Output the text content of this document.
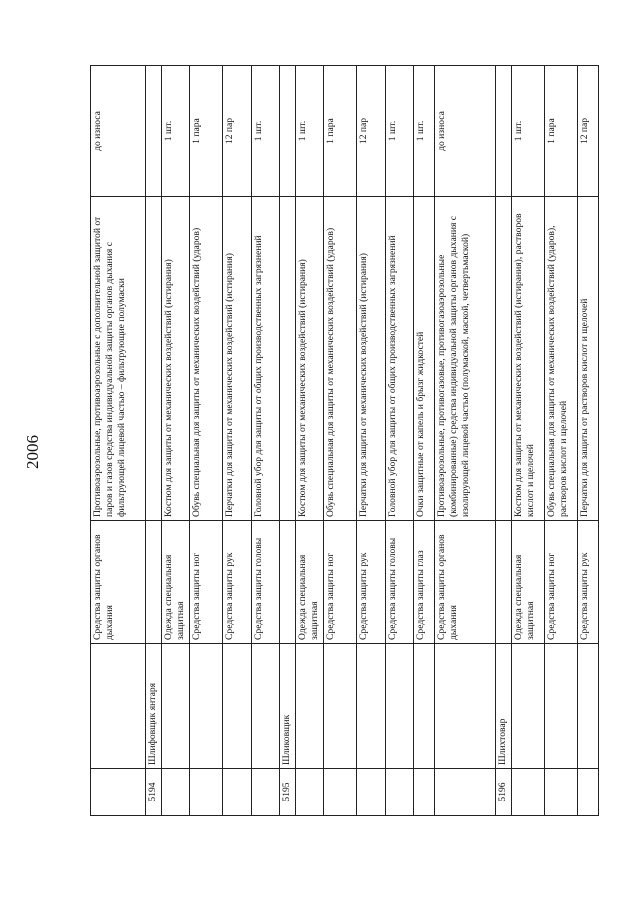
2006
		Средства защиты органов дыхания	Противоаэрозольные, противоаэрозольные с дополнительной защитой от паров и газов средства индивидуальной защиты органов дыхания с фильтрующей лицевой частью – фильтрующие полумаски	до износа
5194	Шлифовщик янтаря			
		Одежда специальная защитная	Костюм для защиты от механических воздействий (истирания)	1 шт.
		Средства защиты ног	Обувь специальная для защиты от механических воздействий (ударов)	1 пара
		Средства защиты рук	Перчатки для защиты от механических воздействий (истирания)	12 пар
		Средства защиты головы	Головной убор для защиты от общих производственных загрязнений	1 шт.
5195	Шликовщик			
		Одежда специальная защитная	Костюм для защиты от механических воздействий (истирания)	1 шт.
		Средства защиты ног	Обувь специальная для защиты от механических воздействий (ударов)	1 пара
		Средства защиты рук	Перчатки для защиты от механических воздействий (истирания)	12 пар
		Средства защиты головы	Головной убор для защиты от общих производственных загрязнений	1 шт.
		Средства защиты глаз	Очки защитные от капель и брызг жидкостей	1 шт.
		Средства защиты органов дыхания	Противоаэрозольные, противогазовые, противогазоаэрозольные (комбинированные) средства индивидуальной защиты органов дыхания с изолирующей лицевой частью (полумаской, маской, четвертьмаской)	до износа
5196	Шлихтовар			
		Одежда специальная защитная	Костюм для защиты от механических воздействий (истирания), растворов кислот и щелочей	1 шт.
		Средства защиты ног	Обувь специальная для защиты от механических воздействий (ударов), растворов кислот и щелочей	1 пара
		Средства защиты рук	Перчатки для защиты от растворов кислот и щелочей	12 пар
